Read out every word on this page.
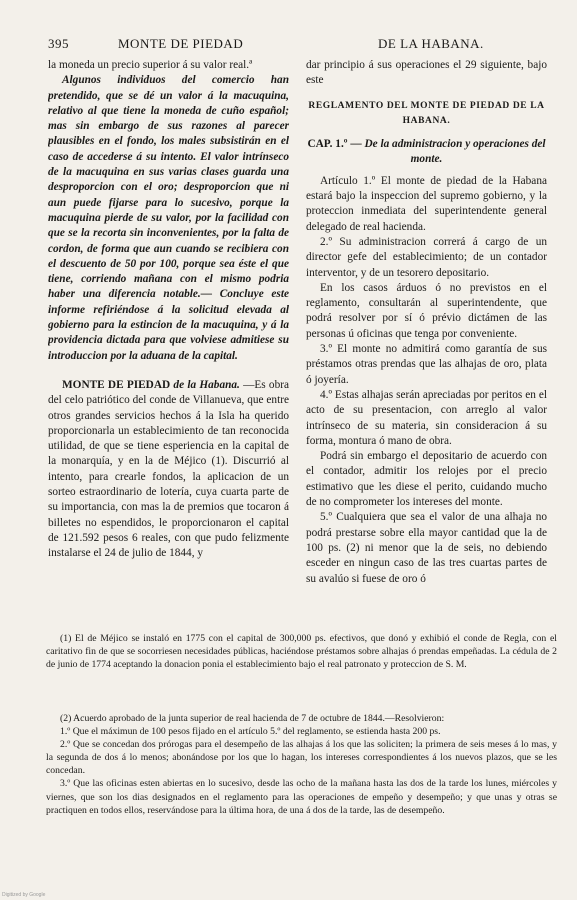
395	MONTE DE PIEDAD	DE LA HABANA.

la moneda un precio superior á su valor real.ª

Algunos individuos del comercio han pretendido, que se dé un valor á la macuquina, relativo al que tiene la moneda de cuño español; mas sin embargo de sus razones al parecer plausibles en el fondo, los males subsistirán en el caso de accederse á su intento. El valor intrínseco de la macuquina en sus varias clases guarda una desproporcion con el oro; desproporcion que ni aun puede fijarse para lo sucesivo, porque la macuquina pierde de su valor, por la facilidad con que se la recorta sin inconvenientes, por la falta de cordon, de forma que aun cuando se recibiera con el descuento de 50 por 100, porque sea éste el que tiene, corriendo mañana con el mismo podria haber una diferencia notable.— Concluye este informe refiriéndose á la solicitud elevada al gobierno para la estincion de la macuquina, y á la providencia dictada para que volviese admitiese su introduccion por la aduana de la capital.

MONTE DE PIEDAD de la Habana. —Es obra del celo patriótico del conde de Villanueva, que entre otros grandes servicios hechos á la Isla ha querido proporcionarla un establecimiento de tan reconocida utilidad, de que se tiene esperiencia en la capital de la monarquía, y en la de Méjico (1). Discurrió al intento, para crearle fondos, la aplicacion de un sorteo estraordinario de lotería, cuya cuarta parte de su importancia, con mas la de premios que tocaron á billetes no espendidos, le proporcionaron el capital de 121.592 pesos 6 reales, con que pudo felizmente instalarse el 24 de julio de 1844, y

dar principio á sus operaciones el 29 siguiente, bajo este

REGLAMENTO DEL MONTE DE PIEDAD DE LA HABANA.

CAP. 1.º — De la administracion y operaciones del monte.

Artículo 1.º El monte de piedad de la Habana estará bajo la inspeccion del supremo gobierno, y la proteccion inmediata del superintendente general delegado de real hacienda.

2.º Su administracion correrá á cargo de un director gefe del establecimiento; de un contador interventor, y de un tesorero depositario.

En los casos árduos ó no previstos en el reglamento, consultarán al superintendente, que podrá resolver por sí ó prévio dictámen de las personas ú oficinas que tenga por conveniente.

3.º El monte no admitirá como garantía de sus préstamos otras prendas que las alhajas de oro, plata ó joyería.

4.º Estas alhajas serán apreciadas por peritos en el acto de su presentacion, con arreglo al valor intrínseco de su materia, sin consideracion á su forma, montura ó mano de obra.

Podrá sin embargo el depositario de acuerdo con el contador, admitir los relojes por el precio estimativo que les diese el perito, cuidando mucho de no comprometer los intereses del monte.

5.º Cualquiera que sea el valor de una alhaja no podrá prestarse sobre ella mayor cantidad que la de 100 ps. (2) ni menor que la de seis, no debiendo esceder en ningun caso de las tres cuartas partes de su avalúo si fuese de oro ó

(1) El de Méjico se instaló en 1775 con el capital de 300,000 ps. efectivos, que donó y exhibió el conde de Regla, con el caritativo fin de que se socorriesen necesidades públicas, haciéndose préstamos sobre alhajas ó prendas empeñadas. La cédula de 2 de junio de 1774 aceptando la donacion ponia el establecimiento bajo el real patronato y proteccion de S. M.

(2) Acuerdo aprobado de la junta superior de real hacienda de 7 de octubre de 1844.—Resolvieron:

1.º Que el máximun de 100 pesos fijado en el artículo 5.º del reglamento, se estienda hasta 200 ps.

2.º Que se concedan dos prórogas para el desempeño de las alhajas á los que las soliciten; la primera de seis meses á lo mas, y la segunda de dos á lo menos; abonándose por los que lo hagan, los intereses correspondientes á los nuevos plazos, que se les concedan.

3.º Que las oficinas esten abiertas en lo sucesivo, desde las ocho de la mañana hasta las dos de la tarde los lunes, miércoles y viernes, que son los dias designados en el reglamento para las operaciones de empeño y desempeño; y que unas y otras se practiquen en todos ellos, reservándose para la última hora, de una á dos de la tarde, las de desempeño.

Digitized by Google
